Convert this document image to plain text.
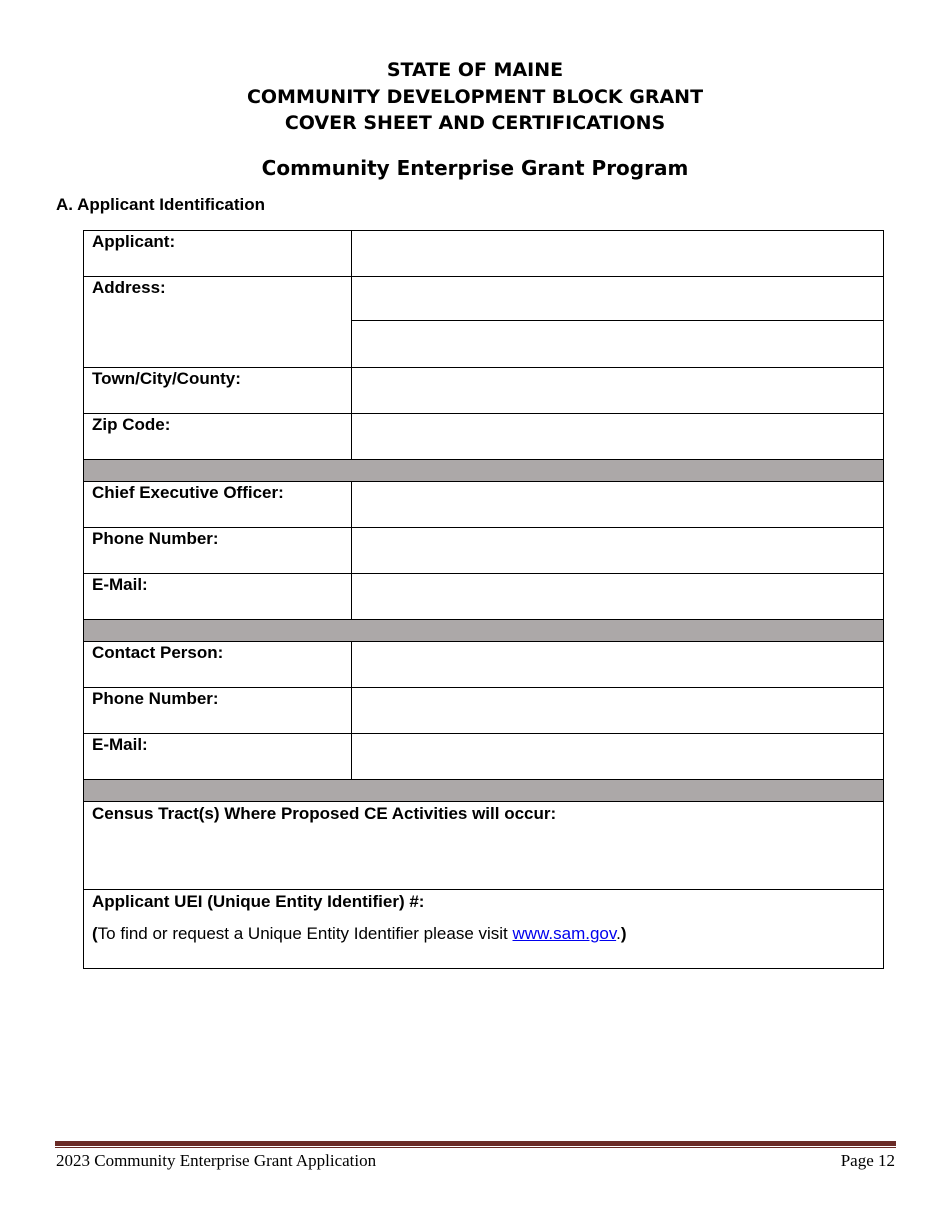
STATE OF MAINE
COMMUNITY DEVELOPMENT BLOCK GRANT
COVER SHEET AND CERTIFICATIONS
Community Enterprise Grant Program
A. Applicant Identification
Applicant:	
Address:	

Town/City/County:	
Zip Code:	

Chief Executive Officer:	
Phone Number:	
E-Mail:	

Contact Person:	
Phone Number:	
E-Mail:	

Census Tract(s) Where Proposed CE Activities will occur:	

Applicant UEI (Unique Entity Identifier) #:
(To find or request a Unique Entity Identifier please visit www.sam.gov.)	
2023 Community Enterprise Grant Application	Page 12
